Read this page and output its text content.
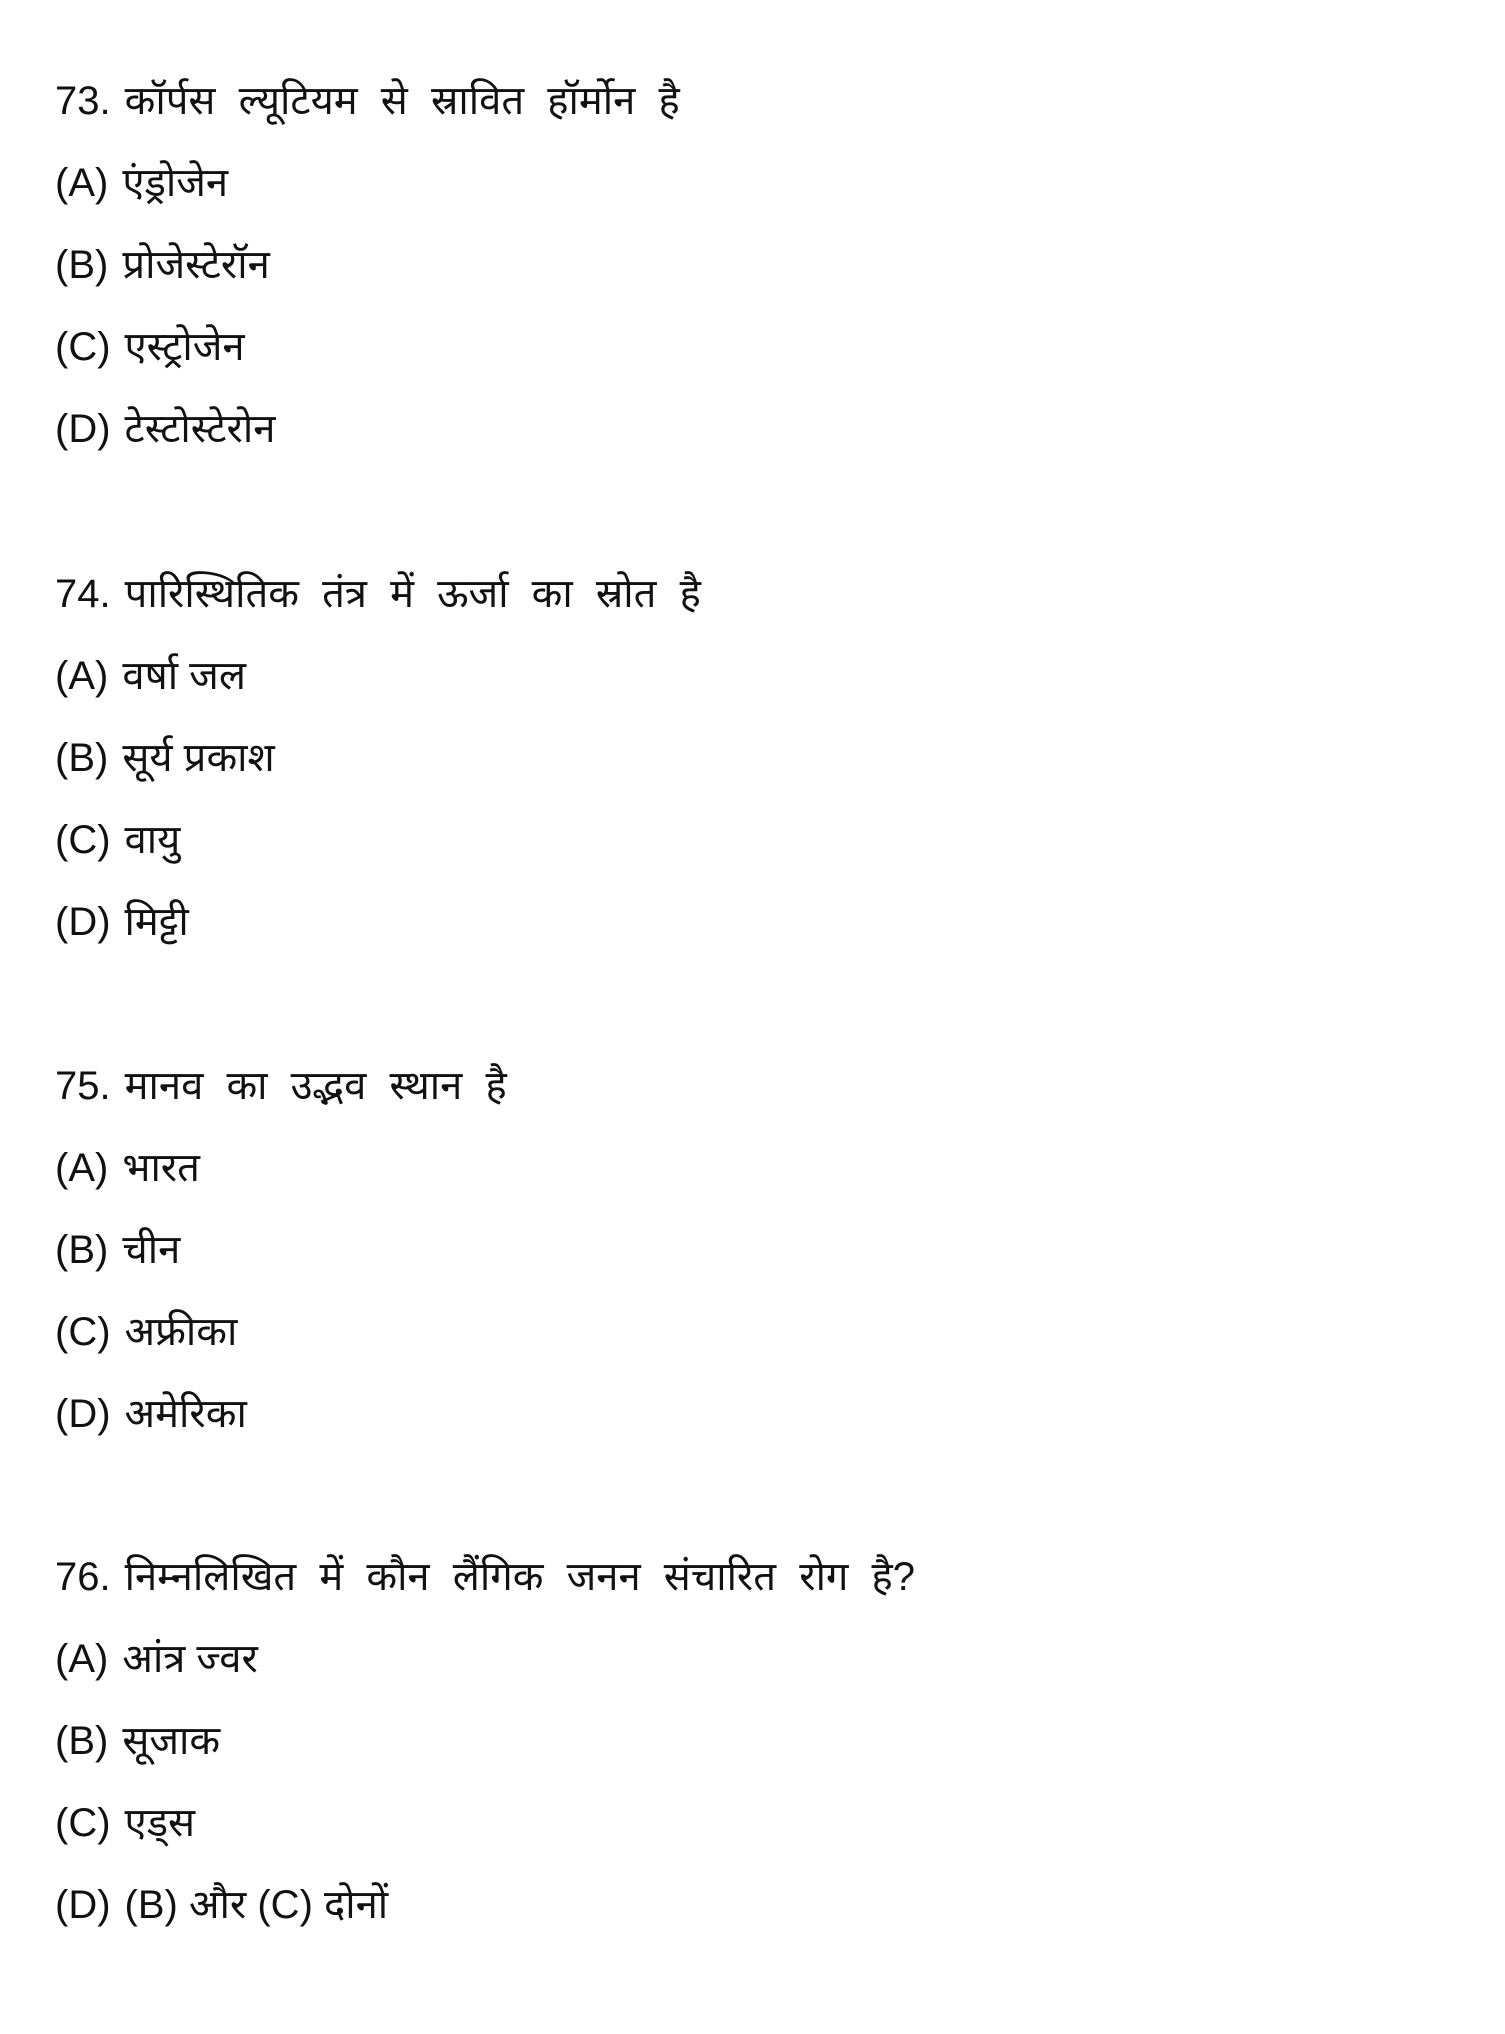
73. कॉर्पस ल्यूटियम से स्रावित हॉर्मोन है
(A) एंड्रोजेन
(B) प्रोजेस्टेरॉन
(C) एस्ट्रोजेन
(D) टेस्टोस्टेरोन
74. पारिस्थितिक तंत्र में ऊर्जा का स्रोत है
(A) वर्षा जल
(B) सूर्य प्रकाश
(C) वायु
(D) मिट्टी
75. मानव का उद्भव स्थान है
(A) भारत
(B) चीन
(C) अफ्रीका
(D) अमेरिका
76. निम्नलिखित में कौन लैंगिक जनन संचारित रोग है?
(A) आंत्र ज्वर
(B) सूजाक
(C) एड्स
(D) (B) और (C) दोनों
